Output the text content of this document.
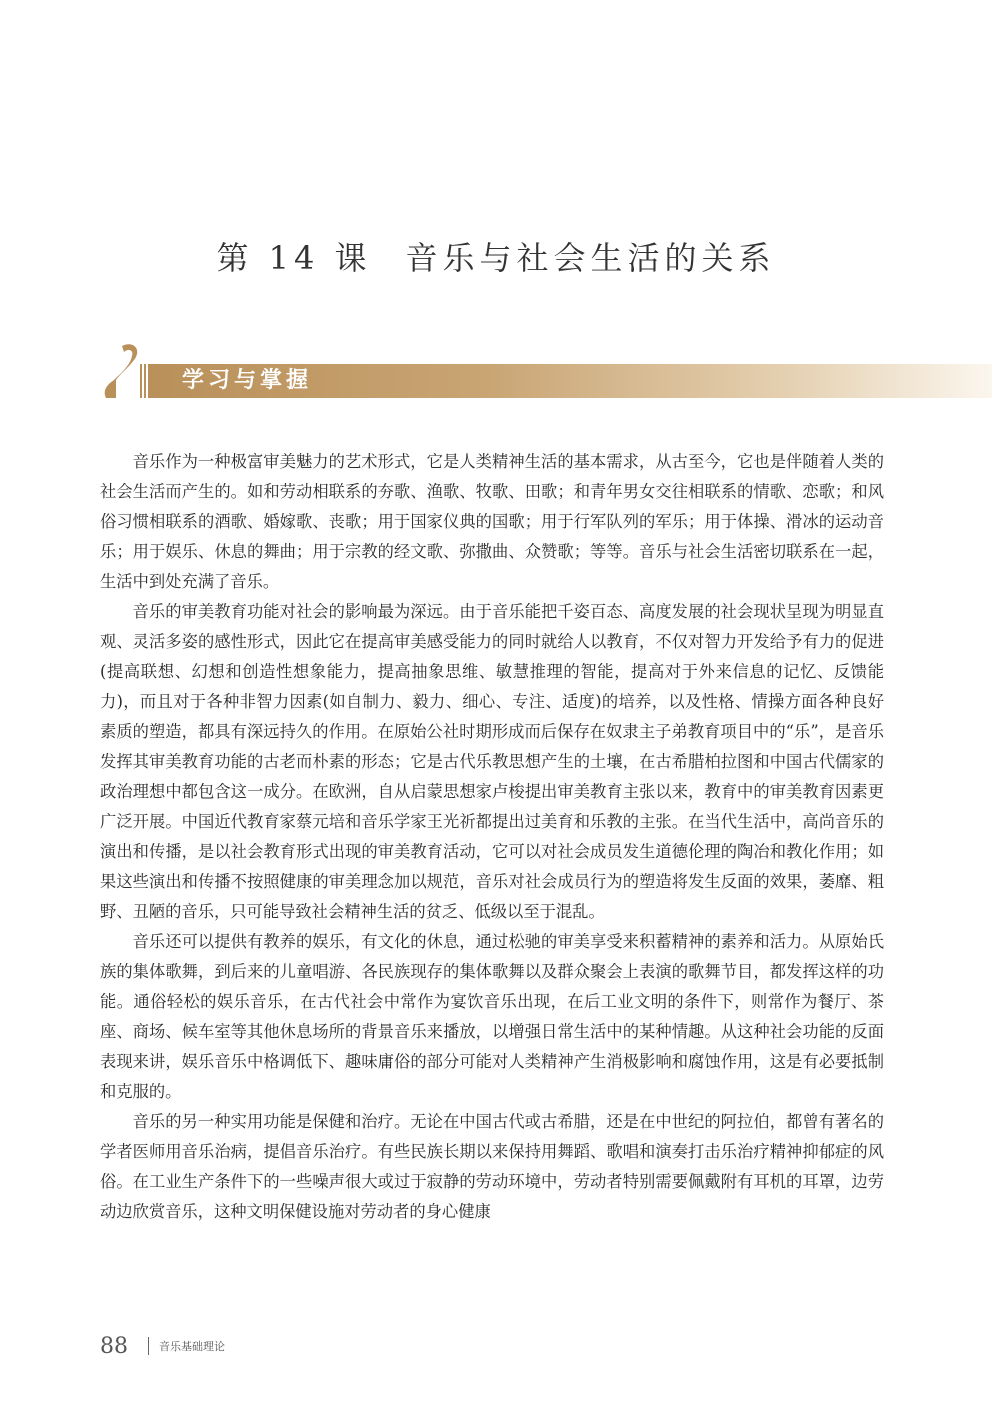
第 14 课 音乐与社会生活的关系
学习与掌握

音乐作为一种极富审美魅力的艺术形式，它是人类精神生活的基本需求，从古至今，它也是伴随着人类的社会生活而产生的。如和劳动相联系的夯歌、渔歌、牧歌、田歌；和青年男女交往相联系的情歌、恋歌；和风俗习惯相联系的酒歌、婚嫁歌、丧歌；用于国家仪典的国歌；用于行军队列的军乐；用于体操、滑冰的运动音乐；用于娱乐、休息的舞曲；用于宗教的经文歌、弥撒曲、众赞歌；等等。音乐与社会生活密切联系在一起，生活中到处充满了音乐。

音乐的审美教育功能对社会的影响最为深远。由于音乐能把千姿百态、高度发展的社会现状呈现为明显直观、灵活多姿的感性形式，因此它在提高审美感受能力的同时就给人以教育，不仅对智力开发给予有力的促进(提高联想、幻想和创造性想象能力，提高抽象思维、敏慧推理的智能，提高对于外来信息的记忆、反馈能力)，而且对于各种非智力因素(如自制力、毅力、细心、专注、适度)的培养，以及性格、情操方面各种良好素质的塑造，都具有深远持久的作用。在原始公社时期形成而后保存在奴隶主子弟教育项目中的“乐”，是音乐发挥其审美教育功能的古老而朴素的形态；它是古代乐教思想产生的土壤，在古希腊柏拉图和中国古代儒家的政治理想中都包含这一成分。在欧洲，自从启蒙思想家卢梭提出审美教育主张以来，教育中的审美教育因素更广泛开展。中国近代教育家蔡元培和音乐学家王光祈都提出过美育和乐教的主张。在当代生活中，高尚音乐的演出和传播，是以社会教育形式出现的审美教育活动，它可以对社会成员发生道德伦理的陶冶和教化作用；如果这些演出和传播不按照健康的审美理念加以规范，音乐对社会成员行为的塑造将发生反面的效果，萎靡、粗野、丑陋的音乐，只可能导致社会精神生活的贫乏、低级以至于混乱。

音乐还可以提供有教养的娱乐，有文化的休息，通过松驰的审美享受来积蓄精神的素养和活力。从原始氏族的集体歌舞，到后来的儿童唱游、各民族现存的集体歌舞以及群众聚会上表演的歌舞节目，都发挥这样的功能。通俗轻松的娱乐音乐，在古代社会中常作为宴饮音乐出现，在后工业文明的条件下，则常作为餐厅、茶座、商场、候车室等其他休息场所的背景音乐来播放，以增强日常生活中的某种情趣。从这种社会功能的反面表现来讲，娱乐音乐中格调低下、趣味庸俗的部分可能对人类精神产生消极影响和腐蚀作用，这是有必要抵制和克服的。

音乐的另一种实用功能是保健和治疗。无论在中国古代或古希腊，还是在中世纪的阿拉伯，都曾有著名的学者医师用音乐治病，提倡音乐治疗。有些民族长期以来保持用舞蹈、歌唱和演奏打击乐治疗精神抑郁症的风俗。在工业生产条件下的一些噪声很大或过于寂静的劳动环境中，劳动者特别需要佩戴附有耳机的耳罩，边劳动边欣赏音乐，这种文明保健设施对劳动者的身心健康

88	音乐基础理论
